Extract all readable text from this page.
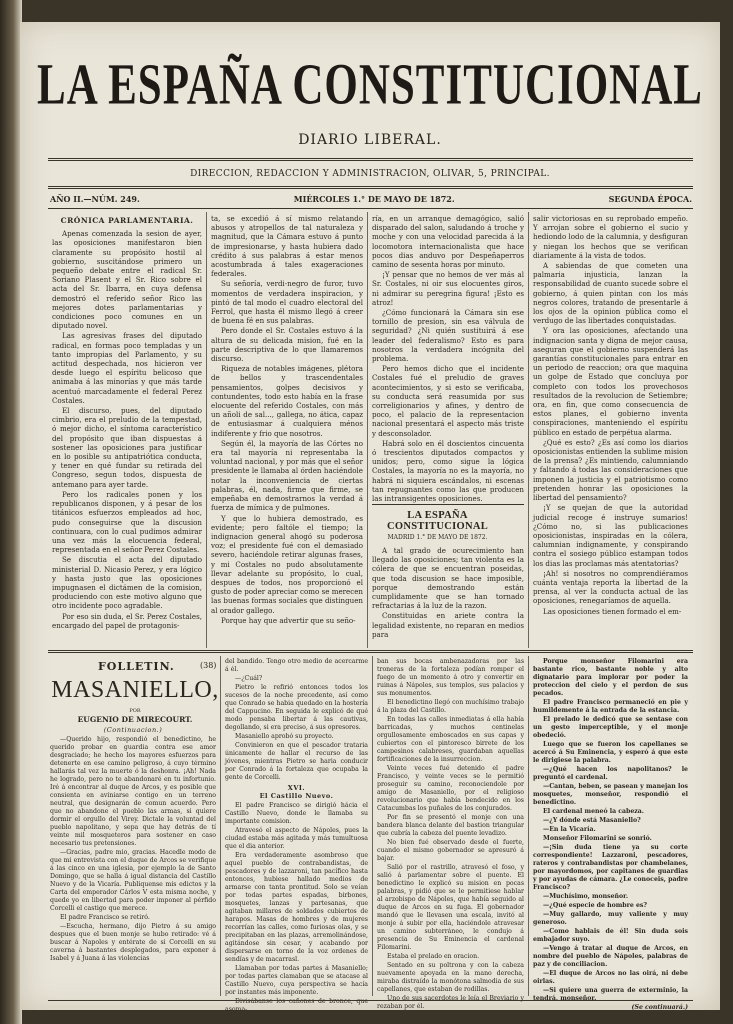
LA ESPAÑA CONSTITUCIONAL
DIARIO LIBERAL.
DIRECCION, REDACCION Y ADMINISTRACION, OLIVAR, 5, PRINCIPAL.
AÑO II.—NÚM. 249.	MIÉRCOLES 1.° DE MAYO DE 1872.	SEGUNDA ÉPOCA.
CRÓNICA PARLAMENTARIA.

Apenas comenzada la sesion de ayer, las oposiciones manifestaron bien claramente su propósito hostil al gobierno, suscitándose primero un pequeño debate entre el radical Sr. Soriano Plasent y el Sr. Rico sobre el acta del Sr. Ibarra, en cuya defensa demostró el referido señor Rico las mejores dotes parlamentarias y condiciones poco comunes en un diputado novel.

Las agresivas frases del diputado radical, en formas poco templadas y un tanto impropias del Parlamento, y su actitud despechada, nos hicieron ver desde luego el espíritu belicoso que animaba á las minorías y que más tarde acentuó marcadamente el federal Perez Costales.

El discurso, pues, del diputado cimbrio, era el preludio de la tempestad, ó mejor dicho, el síntoma característico del propósito que iban dispuestas á sostener las oposiciones para justificar en lo posible su antipatriótica conducta, y tener en qué fundar su retirada del Congreso, segun todos, dispuesta de antemano para ayer tarde.

Pero los radicales ponen y los republicanos disponen, y á pesar de los titánicos esfuerzos empleados ad hoc, pudo conseguirse que la discusion continuara, con lo cual pudimos admirar una vez más la elocuencia federal, representada en el señor Perez Costales.

Se discutia el acta del diputado ministerial D. Nicasio Perez, y era lógico y hasta justo que las oposiciones impugnasen el dictámen de la comision, produciendo con este motivo alguno que otro incidente poco agradable.

Por eso sin duda, el Sr. Perez Costales, encargado del papel de protagonis-

ta, se excedió á sí mismo relatando abusos y atropellos de tal naturaleza y magnitud, que la Cámara estuvo á punto de impresionarse, y hasta hubiera dado crédito á sus palabras á estar menos acostumbrada á tales exageraciones federales.

Su señoría, verdi-negro de furor, tuvo momentos de verdadera inspiracion, y pintó de tal modo el cuadro electoral del Ferrol, que hasta él mismo llegó á creer de buena fé en sus palabras.

Pero donde el Sr. Costales estuvo á la altura de su delicada mision, fué en la parte descriptiva de lo que llamaremos discurso.

Riqueza de notables imágenes, plétora de bellos y trascendentales pensamientos, golpes decisivos y contundentes, todo esto había en la frase elocuente del referido Costales, con más un añoli de sal..., gallega, no ática, capaz de entusiasmar á cualquiera ménos indiferente y frio que nosotros.

Según él, la mayoría de las Córtes no era tal mayoría ni representaba la voluntad nacional, y por más que el señor presidente le llamaba al órden haciéndole notar la inconveniencia de ciertas palabras, él, nada, firme que firme, se empeñaba en demostrarnos la verdad á fuerza de mímica y de pulmones.

Y que lo hubiera demostrado, es evidente; pero faltóle el tiempo; la indignacion general ahogó su poderosa voz; el presidente fué con el demasiado severo, haciéndole retirar algunas frases, y mi Costales no pudo absolutamente llevar adelante su propósito, lo cual, despues de todos, nos proporcionó el gusto de poder apreciar como se merecen las buenas formas sociales que distinguen al orador gallego.

Porque hay que advertir que su seño-

ría, en un arranque demagógico, salió disparado del salon, saludando á troche y moche y con una velocidad parecida á la locomotora internacionalista que hace pocos dias anduvo por Despeñaperros camino de sesenta horas por minuto.

¡Y pensar que no hemos de ver más al Sr. Costales, ni oir sus elocuentes giros, ni admirar su peregrina figura! ¡Esto es atroz!

¿Cómo funcionará la Cámara sin ese tornillo de presion, sin esa válvula de seguridad? ¿Ni quién sustituirá á ese leader del federalismo? Esto es para nosotros la verdadera incógnita del problema.

Pero hemos dicho que el incidente Costales fué el preludio de graves acontecimientos, y si esto se verificaba, su conducta será reasumida por sus correligionarios y afines, y dentro de poco, el palacio de la representacion nacional presentará el aspecto más triste y desconsolador.

Habrá solo en él doscientos cincuenta ó trescientos diputados compactos y unidos; pero, como sigue la lógica Costales, la mayoría no es la mayoría, no habrá ni siquiera escándalos, ni escenas tan repugnantes como las que producen las intransigentes oposiciones.

LA ESPAÑA CONSTITUCIONAL
MADRID 1.° DE MAYO DE 1872.

A tal grado de ocurecimiento han llegado las oposiciones; tan violenta es la cólera de que se encuentran poseidas, que toda discusion se hace imposible, porque demostrando están cumplidamente que se han tornado refractarias á la luz de la razon.

Constituidas en ariete contra la legalidad existente, no reparan en medios para

salir victoriosas en su reprobado empeño. Y arrojan sobre el gobierno el sucio y hediondo lodo de la calumnia, y desfiguran y niegan los hechos que se verifican diariamente á la vista de todos.

A sabiendas de que cometen una palmaria injusticia, lanzan la responsabilidad de cuanto sucede sobre el gobierno, á quien pintan con los más negros colores, tratando de presentarle á los ojos de la opinion pública como el verdugo de las libertades conquistadas.

Y ora las oposiciones, afectando una indignacion santa y digna de mejor causa, aseguran que el gobierno suspenderá las garantías constitucionales para entrar en un periodo de reaccion; ora que maquina un golpe de Estado que concluya por completo con todos los provechosos resultados de la revolucion de Setiembre; ora, en fin, que como consecuencia de estos planes, el gobierno inventa conspiraciones, manteniendo el espíritu público en estado de perpétua alarma.

¿Qué es esto? ¿Es así como los diarios oposicionistas entienden la sublime mision de la prensa? ¿Es mintiendo, calumniando y faltando á todas las consideraciones que imponen la justicia y el patriotismo como pretenden honrar las oposiciones la libertad del pensamiento?

¡Y se quejan de que la autoridad judicial recoge é instruye sumarios! ¿Cómo no, si las publicaciones oposicionistas, inspiradas en la cólera, calumnian indignamente, y conspirando contra el sosiego público estampan todos los dias las proclamas más atentatorias?

¡Ah! si nosotros no comprendiéramos cuánta ventaja reporta la libertad de la prensa, al ver la conducta actual de las oposiciones, renegaríamos de aquella.

Las oposiciones tienen formado el em-

FOLLETIN.	(38)
MASANIELLO,
POR
EUGENIO DE MIRECOURT.
(Continuacion.)

—Querido hijo, respondió el benedictino, he querido probar en guardia contra ese amor desgraciado; he hecho los mayores esfuerzos para detenerte en ese camino peligroso, á cuyo término hallarás tal vez la muerte ó la deshonra. ¡Ah! Nada he logrado, pero no te abandonaré en tu infortunio. Iré á encontrar al duque de Arcos, y es posible que consienta en aviniarse contigo en un terreno neutral, que designarán de comun acuerdo. Pero que no abandone el pueblo las armas, si quiere dormir el orgullo del Virey. Dictale la voluntad del pueblo napolitano, y sepa que hay detrás de tí veinte mil mosqueteros para sostener en caso necesario tus pretensiones.

—Gracias, padre mio, gracias. Hacedle modo de que mi entrevista con el duque de Arcos se verifique á las cinco en una iglesia, por ejemplo la de Santo Domingo, que se halla á igual distancia del Castillo Nuevo y de la Vicaría. Publiquense mis edictos y la Carta del emperador Cárlos V esta misma noche, y quede yo en libertad para poder imponer al pérfido Corcelli el castigo que merece.

El padre Francisco se retiró.

—Escucha, hermano, dijo Pietro á su amigo despues que el buen monje se hubo retirado: vé á buscar á Napoles y entérate de si Corcelli en su caverna á bastantes desplegados, para exponer á Isabel y á Juana á las violencias

del bandido. Tengo otro medio de acercarme á él.

—¿Cuál?

Pietro le refirió entonces todos los sucesos de la noche precedente, así como que Conrado se habia quedado en la hostería del Cappucino. En seguida le explicó de qué modo pensaba libertar á las cautivas, degollando, si era preciso, á sus opresores.

Masaniello aprobó su proyecto.

Convinieron en que el pescador trataria únicamente de hallar el recurso de las jóvenes, mientras Pietro se haria conducir por Conrado á la fortaleza que ocupaba la gente de Corcelli.

XVI.
El Castillo Nuevo.

El padre Francisco se dirigió hácia el Castillo Nuevo, donde le llamaba su importante comision.

Atravesó el aspecto de Nápoles, pues la ciudad estaba más agitada y más tumultuosa que el dia anterior.

Era verdaderamente asombroso que aquel pueblo de contrabandistas, de pescadores y de lazzaroni, tan pacífico hasta entonces, hubiese hallado medios de armarse con tanta prontitud. Solo se veían por todas partes espadas, birbones, mosquetes, lanzas y partesanas, que agitaban millares de soldados cubiertos de harapos. Masas de hombres y de mujeres recorrían las calles, como furiosas olas, y se precipitaban en las plazas, arremolinándose, agitándose sin cesar, y acabando por dispersarse en torno de la voz ordenes de sendías y de macarrasl.

Llamaban por todas partes á Masaniello; por todas partes clamaban que se atacase al Castillo Nuevo, cuya perspectiva se hacía por instantes más imponente.

Divisábanse los cañones de bronce, que asoma-

ban sus bocas ambenazadoras por las troneras de la fortaleza podían romper el fuego de un momento á otro y convertir en ruinas á Nápoles, sus templos, sus palacios y sus monumentos.

El benedictino llegó con muchísimo trabajo á la plaza del Castillo.

En todas las calles inmediatas á ella había barricadas, y muchos centinelas orgullosamente emboscados en sus capas y cubiertos con el pintoresco birrete de los campesinos calabreses, guardaban aquellas fortificaciones de la insurreccion.

Veinte veces fué detenido el padre Francisco, y veinte veces se le permitió proseguir su camino, reconociendole por amigo de Masaniello, por el religioso revolucionario que había bendecido en los Catacumbas los puñales de los conjurados.

Por fin se presentó el monje con una bandera blanca delante del bastion triangular que cubría la cabeza del puente levadizo.

No bien fué observado desde el fuerte, cuando el mismo gobernador se apresuró á bajar.

Salió por el rastrillo, atravesó el foso, y salió á parlamentar sobre el puente. El benedictino le explicó su mision en pocas palabras, y pidió que se le permitiese hablar al arzobispo de Nápoles, que había seguido al duque de Arcos en su fuga. El gobernador mandó que le llevasen una escala, invitó al monje á subir por ella, haciéndole atravesar un camino subterráneo, le condujo á presencia de Su Eminencia el cardenal Filomarini.

Estaba el prelado en oracion.

Sentado en su poltrona y con la cabeza nuevamente apoyada en la mano derecha, miraba distraído la monótona salmodia de sus capellanes, que estaban de rodillas.

Uno de sus sacerdotes le leía el Breviario y rezaban por él.

Porque monseñor Filomarini era bastante rico, bastante noble y alto dignatario para implorar por poder la proteccion del cielo y el perdon de sus pecados.

El padre Francisco permaneció en pie y humildemente á la entrada de la estancia.

El prelado le dedicó que se sentase con un gesto imperceptible, y el monje obedeció.

Luego que se fueron los capellanes se acercó á Su Eminencia, y esperó á que este le dirigiese la palabra.

—¿Qué hacen los napolitanos? le preguntó el cardenal.

—Cantan, beben, se pasean y manejan los mosquetes, monseñor, respondió el benedictino.

El cardenal meneó la cabeza.

—¿Y dónde está Masaniello?

—En la Vicaría.

Monseñor Filomarini se sonrió.

—¡Sin duda tiene ya su corte correspondiente! Lazzaroni, pescadores, rateros y contrabandistas por chambelanes, por mayordomos, por capitanes de guardias y por ayudas de cámara. ¿Le conoceis, padre Francisco?

—Muchísimo, monseñor.

—¿Qué especie de hombre es?

—Muy gallardo, muy valiente y muy generoso.

—Como hablais de él! Sin duda sois embajador suyo.

—Vengo á tratar al duque de Arcos, en nombre del pueblo de Nápoles, palabras de paz y de conciliacion.

—El duque de Arcos no las oirá, ni debe oirlas.

—Si quiere una guerra de exterminio, la tendrá, monseñor.

(Se continuará.)
